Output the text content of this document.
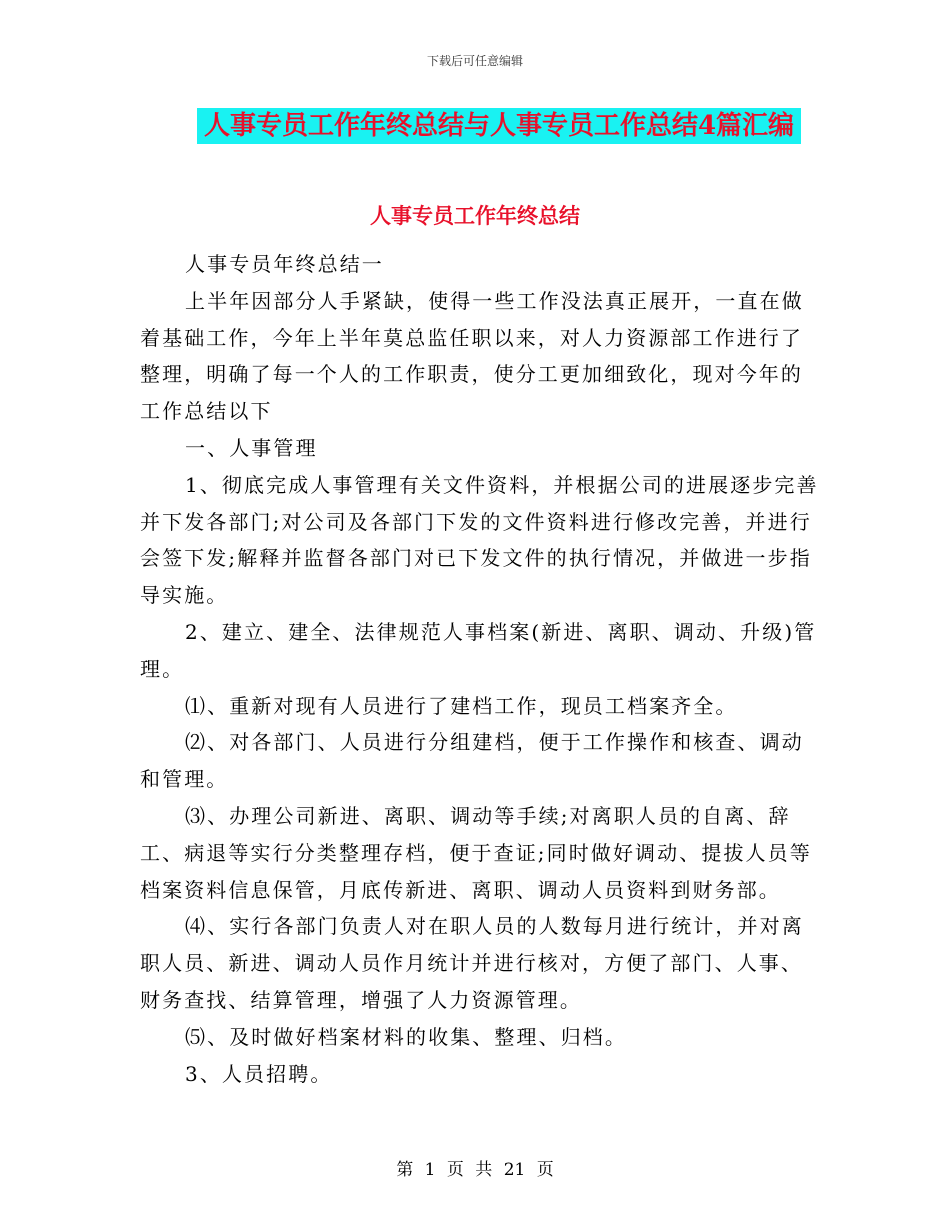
下载后可任意编辑
人事专员工作年终总结与人事专员工作总结4篇汇编
人事专员工作年终总结

人事专员年终总结一

上半年因部分人手紧缺，使得一些工作没法真正展开，一直在做着基础工作，今年上半年莫总监任职以来，对人力资源部工作进行了整理，明确了每一个人的工作职责，使分工更加细致化，现对今年的工作总结以下

一、人事管理

1、彻底完成人事管理有关文件资料，并根据公司的进展逐步完善并下发各部门;对公司及各部门下发的文件资料进行修改完善，并进行会签下发;解释并监督各部门对已下发文件的执行情况，并做进一步指导实施。

2、建立、建全、法律规范人事档案(新进、离职、调动、升级)管理。

⑴、重新对现有人员进行了建档工作，现员工档案齐全。

⑵、对各部门、人员进行分组建档，便于工作操作和核查、调动和管理。

⑶、办理公司新进、离职、调动等手续;对离职人员的自离、辞工、病退等实行分类整理存档，便于查证;同时做好调动、提拔人员等档案资料信息保管，月底传新进、离职、调动人员资料到财务部。

⑷、实行各部门负责人对在职人员的人数每月进行统计，并对离职人员、新进、调动人员作月统计并进行核对，方便了部门、人事、财务查找、结算管理，增强了人力资源管理。

⑸、及时做好档案材料的收集、整理、归档。

3、人员招聘。

第 1 页 共 21 页
